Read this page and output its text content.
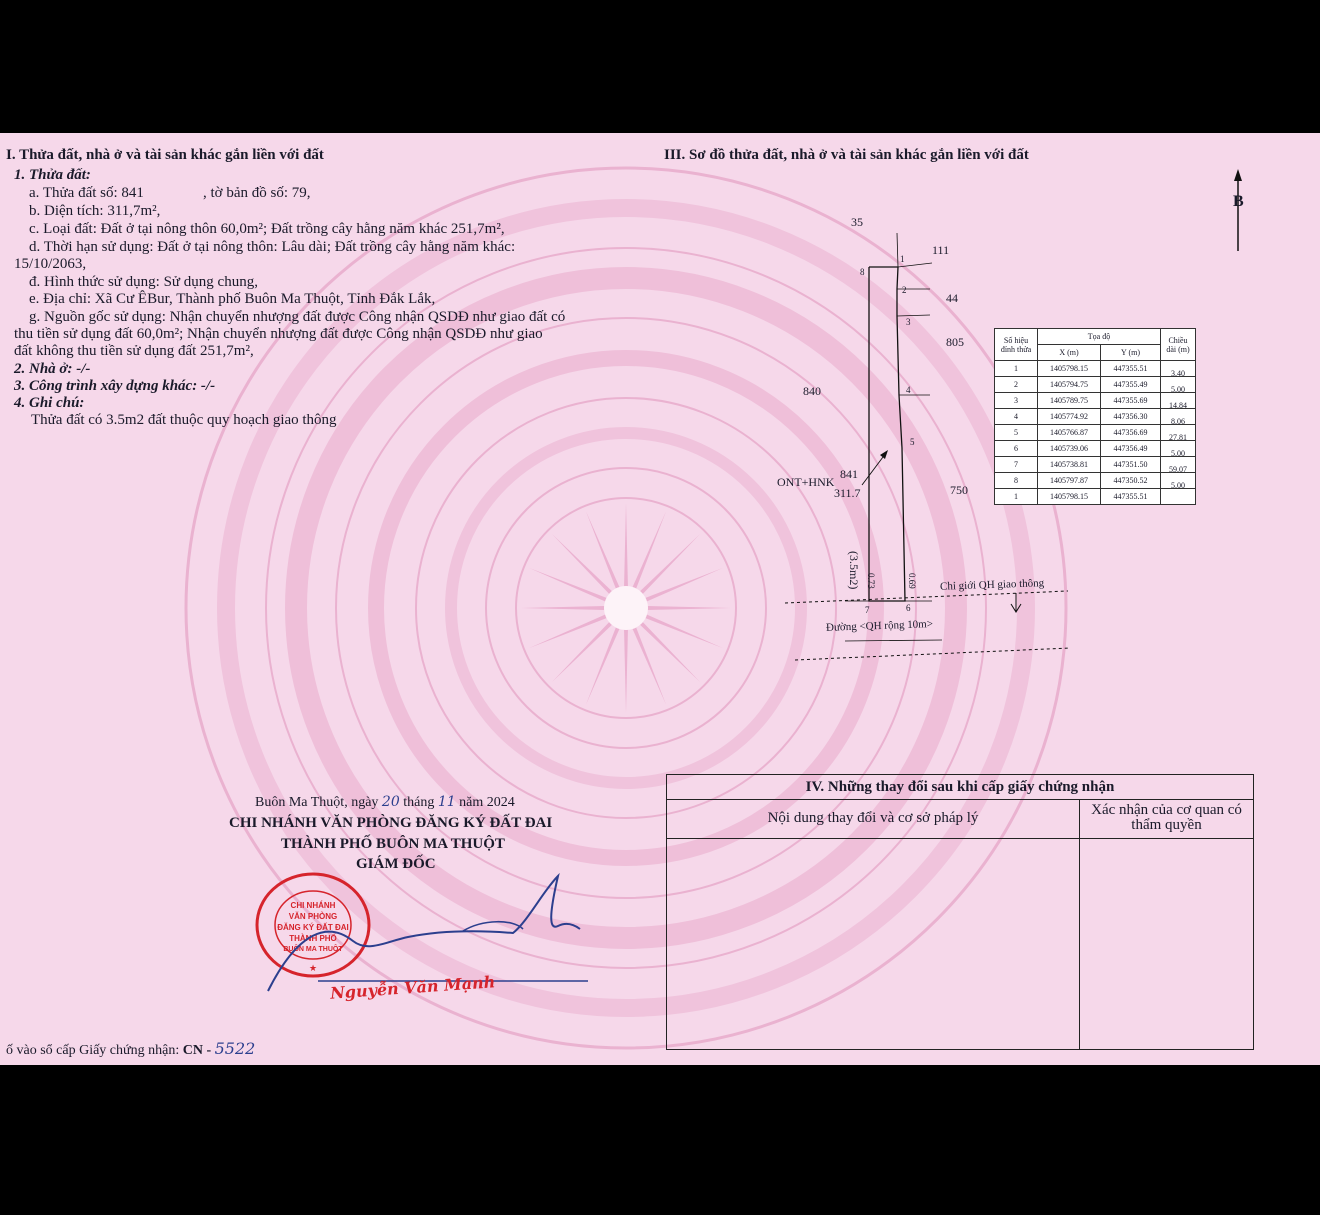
I. Thửa đất, nhà ở và tài sản khác gắn liền với đất
1. Thửa đất:
a. Thửa đất số: 841	, tờ bản đồ số: 79,
b. Diện tích: 311,7m²,
c. Loại đất: Đất ở tại nông thôn 60,0m²; Đất trồng cây hằng năm khác 251,7m²,
d. Thời hạn sử dụng: Đất ở tại nông thôn: Lâu dài; Đất trồng cây hằng năm khác:
15/10/2063,
đ. Hình thức sử dụng: Sử dụng chung,
e. Địa chỉ: Xã Cư ÊBur, Thành phố Buôn Ma Thuột, Tỉnh Đắk Lắk,
g. Nguồn gốc sử dụng: Nhận chuyển nhượng đất được Công nhận QSDĐ như giao đất có
thu tiền sử dụng đất 60,0m²; Nhận chuyển nhượng đất được Công nhận QSDĐ như giao
đất không thu tiền sử dụng đất 251,7m²,
2. Nhà ở: -/-
3. Công trình xây dựng khác: -/-
4. Ghi chú:
Thửa đất có 3.5m2 đất thuộc quy hoạch giao thông
III. Sơ đồ thửa đất, nhà ở và tài sản khác gắn liền với đất
B
35
111
44
805
840
750
1
2
3
4
5
6
7
8
841
ONT+HNK
311.7
(3.5m2) 0.73	0.69 Chỉ giới QH giao thông
Đường <QH rộng 10m>
Số hiệu đỉnh thửa	Tọa độ		Chiều dài (m)
	X (m)	Y (m)	
1	1405798.15	447355.51	3.40

2	1405794.75	447355.49	5.00

3	1405789.75	447355.69	14.84

4	1405774.92	447356.30	8.06

5	1405766.87	447356.69	27.81

6	1405739.06	447356.49	5.00

7	1405738.81	447351.50	59.07

8	1405797.87	447350.52	5.00

1	1405798.15	447355.51	
Buôn Ma Thuột, ngày 20 tháng 11 năm 2024
CHI NHÁNH VĂN PHÒNG ĐĂNG KÝ ĐẤT ĐAI
THÀNH PHỐ BUÔN MA THUỘT
GIÁM ĐỐC
CHI NHÁNH
VĂN PHÒNG
ĐĂNG KÝ ĐẤT ĐAI
THÀNH PHỐ
BUÔN MA THUỘT
★
Nguyễn Văn Mạnh
ố vào sổ cấp Giấy chứng nhận: CN - 5522
IV. Những thay đổi sau khi cấp giấy chứng nhận
Nội dung thay đổi và cơ sở pháp lý	Xác nhận của cơ quan có thẩm quyền
